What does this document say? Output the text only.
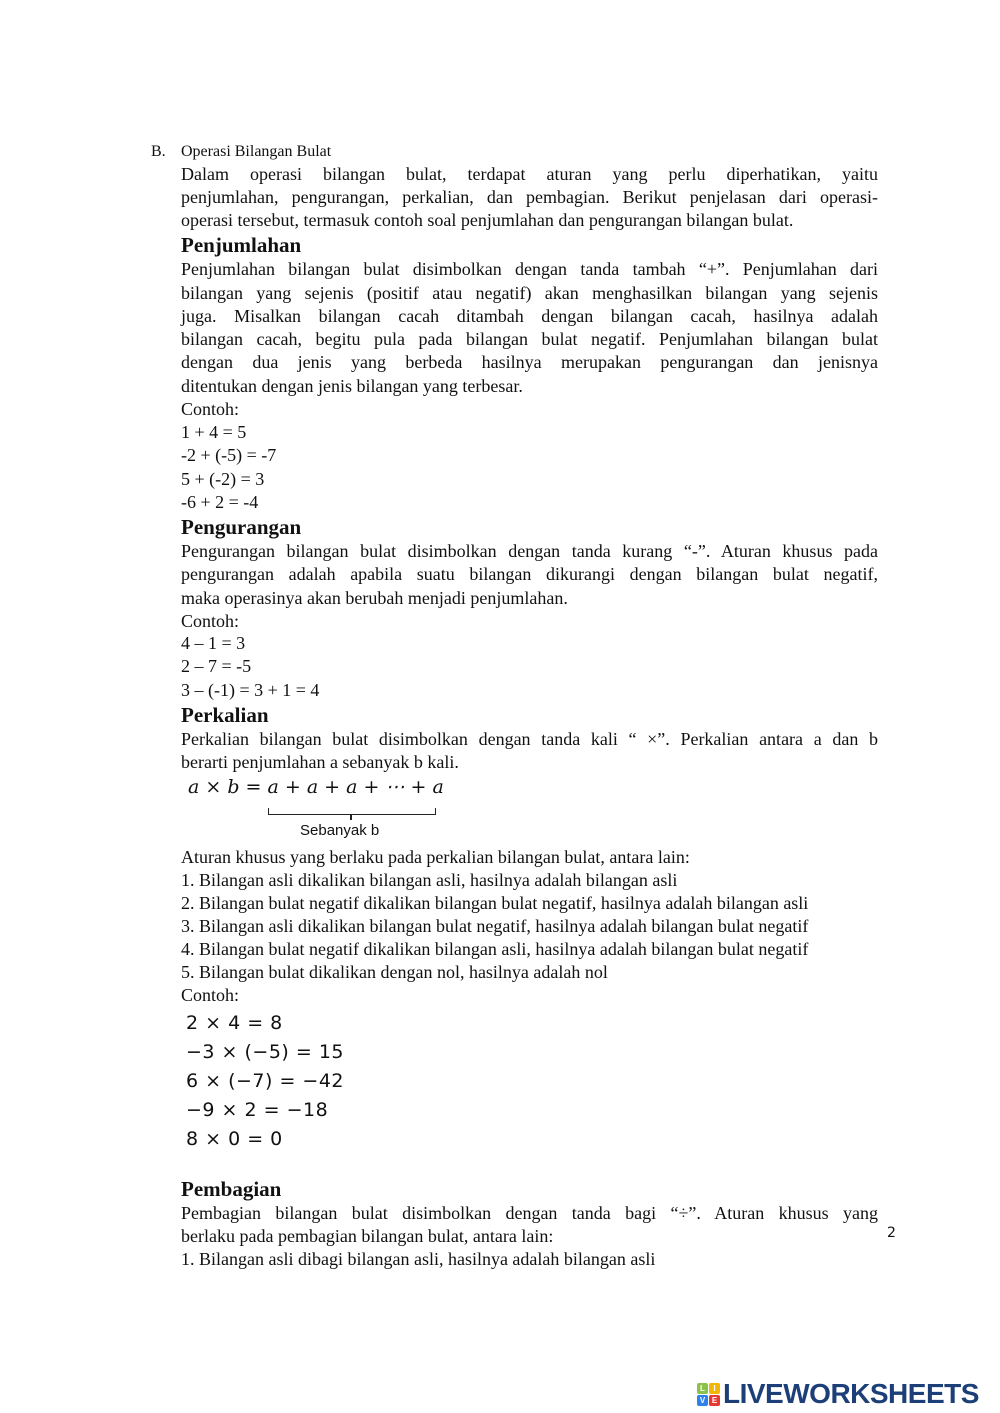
B. Operasi Bilangan Bulat
Dalam operasi bilangan bulat, terdapat aturan yang perlu diperhatikan, yaitu
penjumlahan, pengurangan, perkalian, dan pembagian. Berikut penjelasan dari operasi-
operasi tersebut, termasuk contoh soal penjumlahan dan pengurangan bilangan bulat.
Penjumlahan
Penjumlahan bilangan bulat disimbolkan dengan tanda tambah “+”. Penjumlahan dari
bilangan yang sejenis (positif atau negatif) akan menghasilkan bilangan yang sejenis
juga. Misalkan bilangan cacah ditambah dengan bilangan cacah, hasilnya adalah
bilangan cacah, begitu pula pada bilangan bulat negatif. Penjumlahan bilangan bulat
dengan dua jenis yang berbeda hasilnya merupakan pengurangan dan jenisnya
ditentukan dengan jenis bilangan yang terbesar.
Contoh:
1 + 4 = 5
-2 + (-5) = -7
5 + (-2) = 3
-6 + 2 = -4
Pengurangan
Pengurangan bilangan bulat disimbolkan dengan tanda kurang “-”. Aturan khusus pada
pengurangan adalah apabila suatu bilangan dikurangi dengan bilangan bulat negatif,
maka operasinya akan berubah menjadi penjumlahan.
Contoh:
4 – 1 = 3
2 – 7 = -5
3 – (-1) = 3 + 1 = 4
Perkalian
Perkalian bilangan bulat disimbolkan dengan tanda kali “ ×”. Perkalian antara a dan b
berarti penjumlahan a sebanyak b kali.
a × b = a + a + a + ⋯ + a
Sebanyak b
Aturan khusus yang berlaku pada perkalian bilangan bulat, antara lain:
1. Bilangan asli dikalikan bilangan asli, hasilnya adalah bilangan asli
2. Bilangan bulat negatif dikalikan bilangan bulat negatif, hasilnya adalah bilangan asli
3. Bilangan asli dikalikan bilangan bulat negatif, hasilnya adalah bilangan bulat negatif
4. Bilangan bulat negatif dikalikan bilangan asli, hasilnya adalah bilangan bulat negatif
5. Bilangan bulat dikalikan dengan nol, hasilnya adalah nol
Contoh:
2 × 4 = 8
−3 × (−5) = 15
6 × (−7) = −42
−9 × 2 = −18
8 × 0 = 0
Pembagian
Pembagian bilangan bulat disimbolkan dengan tanda bagi “÷”. Aturan khusus yang
berlaku pada pembagian bilangan bulat, antara lain:
1. Bilangan asli dibagi bilangan asli, hasilnya adalah bilangan asli
2
L	I
V E LIVEWORKSHEETS
